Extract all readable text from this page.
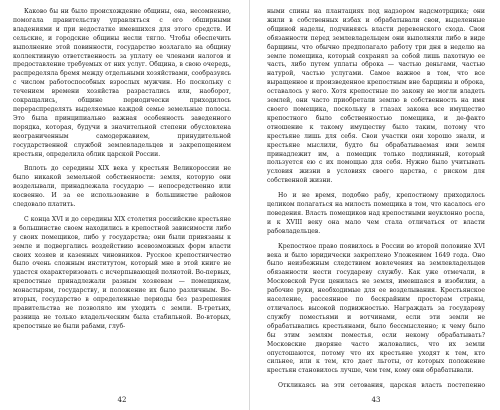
Каково бы ни было происхождение общины, она, несомненно, помогала правительству управляться с его обширными владениями и при недостатке имевшихся для этого средств. И сельские, и городские общины несли тягло. Чтобы обеспечить выполнение этой повинности, государство возлагало на общину коллективную ответственность за уплату ее членами налогов и предоставление требуемых от них услуг. Община, в свою очередь, распределяла бремя между отдельными хозяйствами, сообразуясь с числом работоспособных взрослых мужчин. Но поскольку с течением времени хозяйства разрастались или, наоборот, сокращались, общине периодически приходилось перераспределять выделяемые каждой семье земельные полосы. Это была принципиально важная особенность заведенного порядка, которая, будучи в значительной степени обусловлена неограниченным самодержавием, принудительной государственной службой землевладельцев и закрепощением крестьян, определила облик царской России.

Вплоть до середины XIX века у крестьян Великороссии не было никакой земельной собственности: земля, которую они возделывали, принадлежала государю — непосредственно или косвенно. И за ее использование в большинстве районов следовало платить.

С конца XVI и до середины XIX столетия российские крестьяне в большинстве своем находились в крепостной зависимости либо у своих помещиков, либо у государства; они были привязаны к земле и подвергались воздействию всевозможных форм власти своих хозяев и казенных чиновников. Русское крепостничество было очень сложным институтом, который мне в этой книге не удастся охарактеризовать с исчерпывающей полнотой. Во-первых, крепостные принадлежали разным хозяевам — помещикам, монастырям, государству, и положение их было различным. Во-вторых, государство в определенные периоды без разрешения правительства не позволяло им уходить с земли. В-третьих, разница не только владельческим была стабильной. Во-вторых, крепостные не были рабами, глуб-

ными спины на плантациях под надзором надсмотрщика; они жили в собственных избах и обрабатывали свои, выделенные общиной наделы, подчиняясь власти деревенского схода. Свои обязанности перед землевладельцем они выполняли либо в виде барщины, что обычно предполагало работу три дня в неделю на земле помещика, который сохранял за собой лишь пахотную ее часть, либо путем уплаты оброка — частью деньгами, частью натурой, частью услугами. Самое важное в том, что все выращенное и произведенное крепостным вне барщины и оброка, оставалось у него. Хотя крепостные по закону не могли владеть землей, они часто приобретали землю в собственность на имя своего помещика, поскольку в глазах закона все имущество крепостного было собственностью помещика, и де-факто отношение к такому имуществу было таким, потому что крестьяне лишь для себя. Свои участки они хорошо знали, и крестьяне мыслили, будто бы обрабатываемая ими земля принадлежит им, а помещик только подлинный, который пользуется ею с их помощью для себя. Нужно было учитывать условия жизни в условиях своего царства, с риском для собственной жизни.

Но и не время, подобно рабу, крепостному приходилось целиком полагаться на милость помещика в том, что касалось его поведения. Власть помещиков над крепостными неуклонно росла, и к XVIII веку она мало чем стала отличаться от власти рабовладельцев.

Крепостное право появилось в России во второй половине XVI века и было юридически закреплено Уложением 1649 года. Оно было неизбежным следствием вовлечения на землевладельцев обязанности нести государеву службу. Как уже отмечали, в Московской Руси ценилась не земля, имевшаяся в изобилии, а рабочие руки, необходимые для ее возделывания. Крестьянское население, рассеянное по бескрайним просторам страны, отличалось высокой подвижностью. Награждать за государеву службу поместьями и вотчинами, если эти земли не обрабатывались крестьянами, было бессмысленно; к чему было бы этим землям поместья, если некому обрабатывать? Московские дворяне часто жаловались, что их земли опустошаются, потому что их крестьяне уходят к тем, кто сильнее, или к тем, кто дает льготы, от которых положение крестьян становилось лучше, чем тем, кому они обрабатывали.

Откликаясь на эти сетования, царская власть постепенно

42	43
